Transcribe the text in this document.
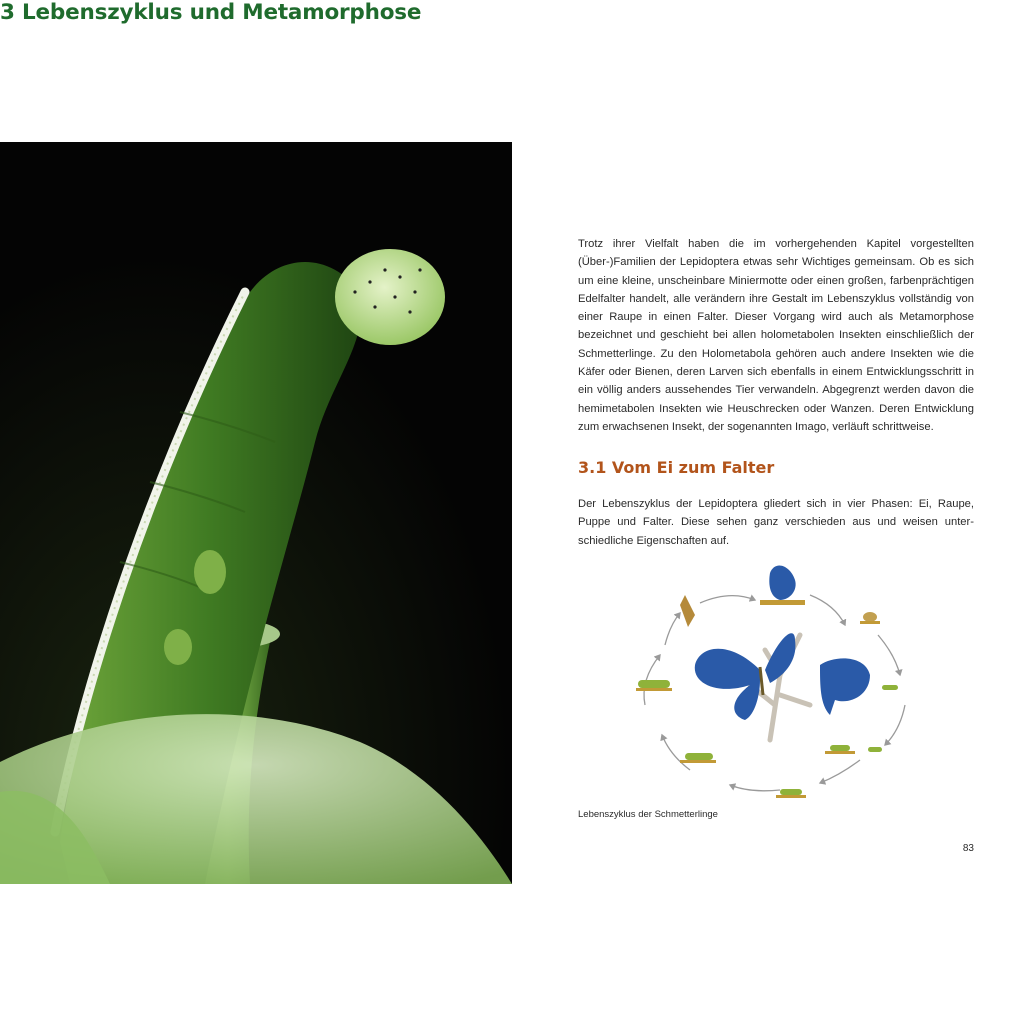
3 Lebenszyklus und Metamorphose

Trotz ihrer Vielfalt haben die im vorhergehenden Kapitel vorgestellten (Über-)Familien der Lepidoptera etwas sehr Wichtiges gemeinsam. Ob es sich um eine kleine, unscheinbare Miniermotte oder einen großen, farbenprächtigen Edelfalter handelt, alle verändern ihre Gestalt im Lebenszyklus vollständig von einer Raupe in einen Falter. Dieser Vorgang wird auch als Metamorphose bezeichnet und geschieht bei allen holometabolen Insekten einschließlich der Schmetterlinge. Zu den Holometabola gehören auch andere Insekten wie die Käfer oder Bienen, deren Larven sich ebenfalls in einem Entwicklungsschritt in ein völlig anders aussehendes Tier verwandeln. Abgegrenzt werden davon die hemimetabolen Insekten wie Heuschrecken oder Wanzen. Deren Entwicklung zum erwachsenen Insekt, der sogenannten Imago, verläuft schrittweise.

3.1 Vom Ei zum Falter

Der Lebenszyklus der Lepidoptera gliedert sich in vier Phasen: Ei, Raupe, Puppe und Falter. Diese sehen ganz verschieden aus und weisen unterschiedliche Eigenschaften auf.

Lebenszyklus der Schmetterlinge

83
